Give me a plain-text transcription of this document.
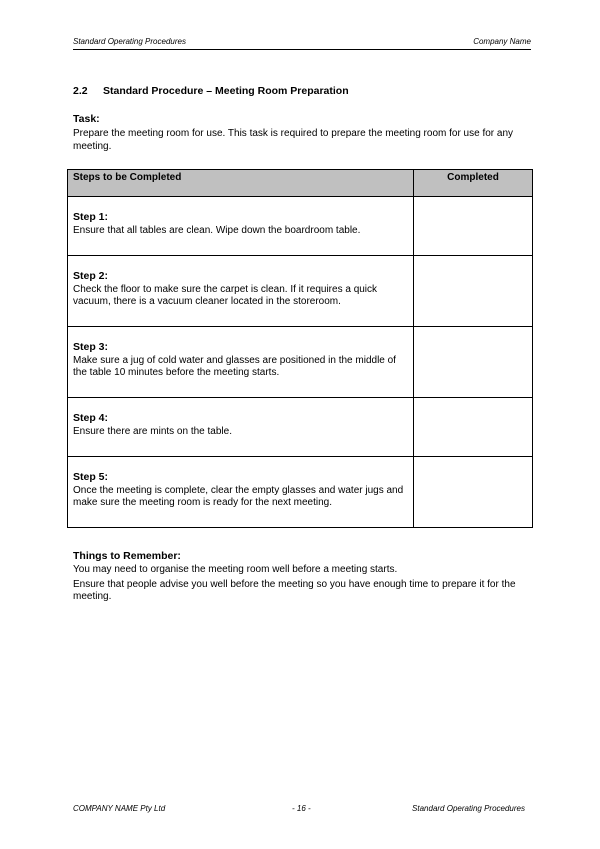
Standard Operating Procedures	Company Name
2.2 Standard Procedure – Meeting Room Preparation
Task:
Prepare the meeting room for use. This task is required to prepare the meeting room for use for any meeting.
Steps to be Completed	Completed

Step 1:
Ensure that all tables are clean. Wipe down the boardroom table.	

Step 2:
Check the floor to make sure the carpet is clean. If it requires a quick vacuum, there is a vacuum cleaner located in the storeroom.	

Step 3:
Make sure a jug of cold water and glasses are positioned in the middle of the table 10 minutes before the meeting starts.	

Step 4:
Ensure there are mints on the table.	

Step 5:
Once the meeting is complete, clear the empty glasses and water jugs and make sure the meeting room is ready for the next meeting.	

Things to Remember:
You may need to organise the meeting room well before a meeting starts.
Ensure that people advise you well before the meeting so you have enough time to prepare it for the meeting.
COMPANY NAME Pty Ltd	- 16 -	Standard Operating Procedures
